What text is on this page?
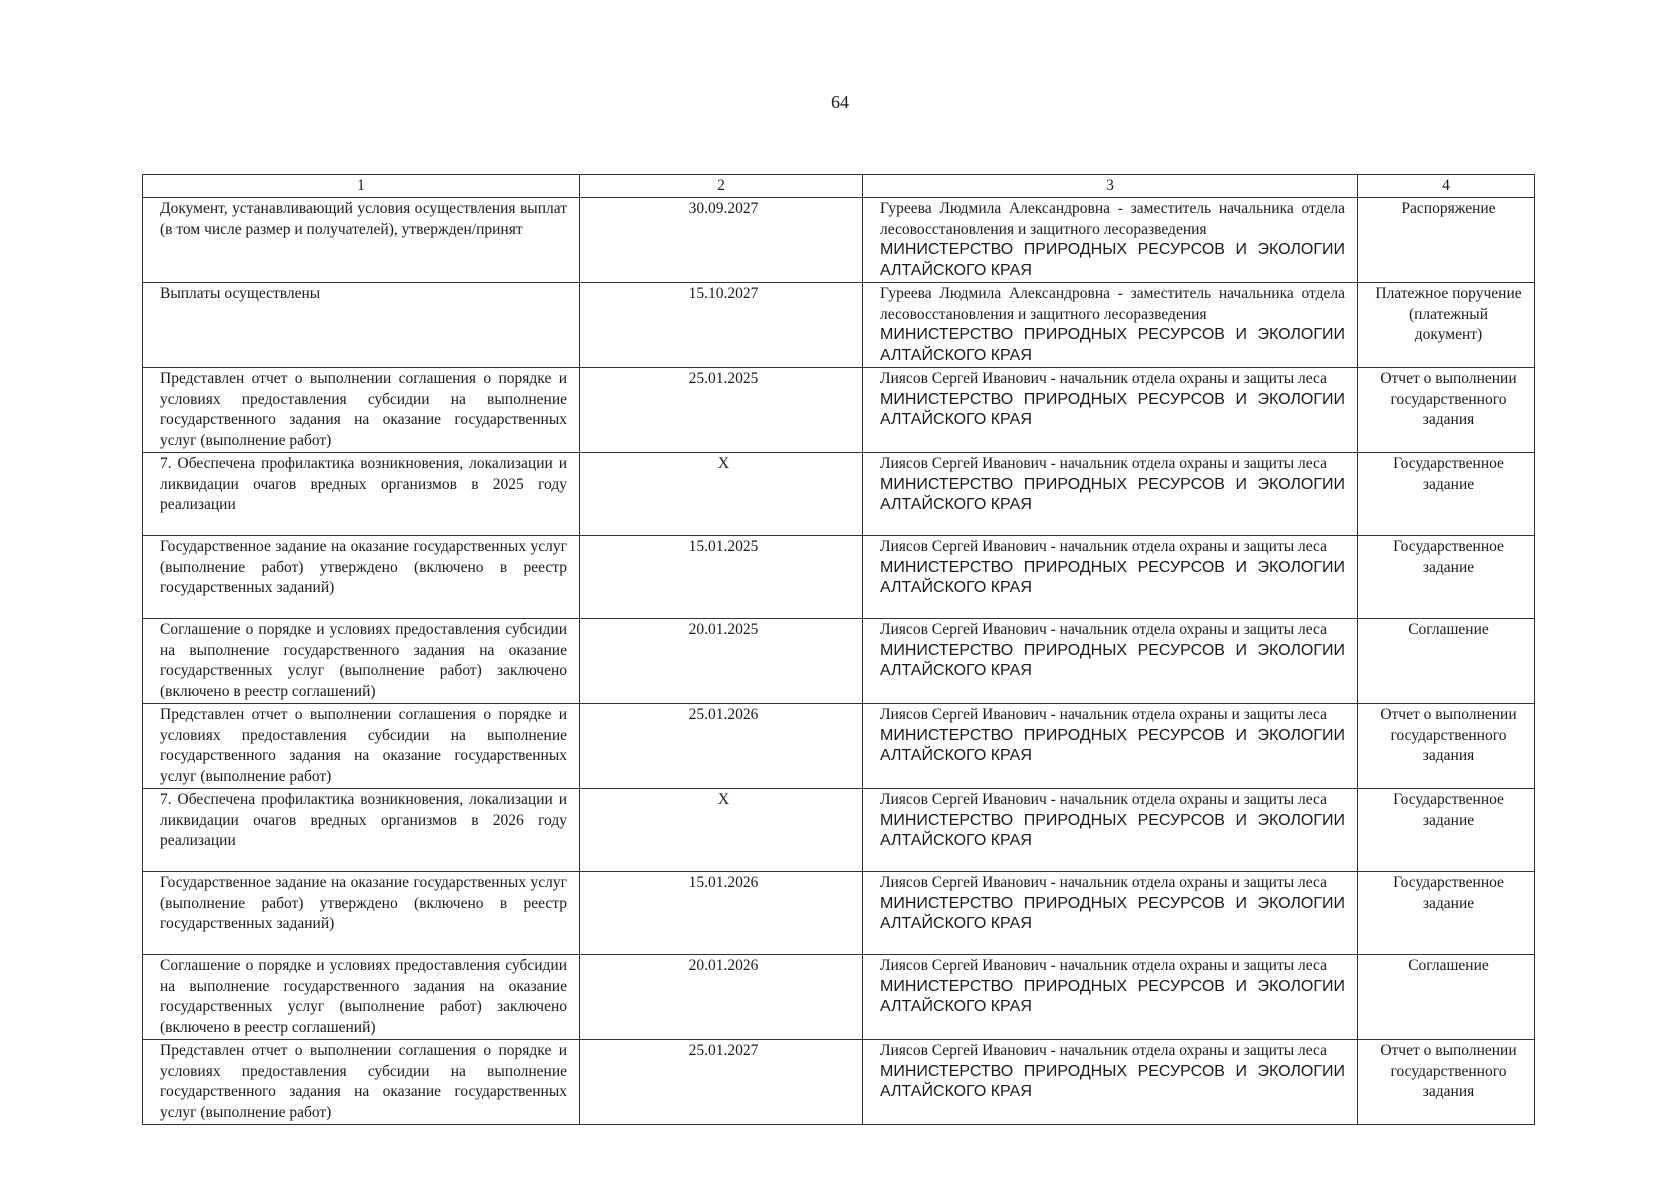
64
1	2	3	4
Документ, устанавливающий условия осуществления выплат (в том числе размер и получателей), утвержден/принят	30.09.2027	Гуреева Людмила Александровна - заместитель начальника отдела лесовосстановления и защитного лесоразведения
МИНИСТЕРСТВО ПРИРОДНЫХ РЕСУРСОВ И ЭКОЛОГИИ АЛТАЙСКОГО КРАЯ	Распоряжение
Выплаты осуществлены	15.10.2027	Гуреева Людмила Александровна - заместитель начальника отдела лесовосстановления и защитного лесоразведения
МИНИСТЕРСТВО ПРИРОДНЫХ РЕСУРСОВ И ЭКОЛОГИИ АЛТАЙСКОГО КРАЯ	Платежное поручение (платежный документ)
Представлен отчет о выполнении соглашения о порядке и условиях предоставления субсидии на выполнение государственного задания на оказание государственных услуг (выполнение работ)	25.01.2025	Лиясов Сергей Иванович - начальник отдела охраны и защиты леса
МИНИСТЕРСТВО ПРИРОДНЫХ РЕСУРСОВ И ЭКОЛОГИИ АЛТАЙСКОГО КРАЯ	Отчет о выполнении государственного задания
7. Обеспечена профилактика возникновения, локализации и ликвидации очагов вредных организмов в 2025 году реализации	X	Лиясов Сергей Иванович - начальник отдела охраны и защиты леса
МИНИСТЕРСТВО ПРИРОДНЫХ РЕСУРСОВ И ЭКОЛОГИИ АЛТАЙСКОГО КРАЯ	Государственное задание
Государственное задание на оказание государственных услуг (выполнение работ) утверждено (включено в реестр государственных заданий)	15.01.2025	Лиясов Сергей Иванович - начальник отдела охраны и защиты леса
МИНИСТЕРСТВО ПРИРОДНЫХ РЕСУРСОВ И ЭКОЛОГИИ АЛТАЙСКОГО КРАЯ	Государственное задание
Соглашение о порядке и условиях предоставления субсидии на выполнение государственного задания на оказание государственных услуг (выполнение работ) заключено (включено в реестр соглашений)	20.01.2025	Лиясов Сергей Иванович - начальник отдела охраны и защиты леса
МИНИСТЕРСТВО ПРИРОДНЫХ РЕСУРСОВ И ЭКОЛОГИИ АЛТАЙСКОГО КРАЯ	Соглашение
Представлен отчет о выполнении соглашения о порядке и условиях предоставления субсидии на выполнение государственного задания на оказание государственных услуг (выполнение работ)	25.01.2026	Лиясов Сергей Иванович - начальник отдела охраны и защиты леса
МИНИСТЕРСТВО ПРИРОДНЫХ РЕСУРСОВ И ЭКОЛОГИИ АЛТАЙСКОГО КРАЯ	Отчет о выполнении государственного задания
7. Обеспечена профилактика возникновения, локализации и ликвидации очагов вредных организмов в 2026 году реализации	X	Лиясов Сергей Иванович - начальник отдела охраны и защиты леса
МИНИСТЕРСТВО ПРИРОДНЫХ РЕСУРСОВ И ЭКОЛОГИИ АЛТАЙСКОГО КРАЯ	Государственное задание
Государственное задание на оказание государственных услуг (выполнение работ) утверждено (включено в реестр государственных заданий)	15.01.2026	Лиясов Сергей Иванович - начальник отдела охраны и защиты леса
МИНИСТЕРСТВО ПРИРОДНЫХ РЕСУРСОВ И ЭКОЛОГИИ АЛТАЙСКОГО КРАЯ	Государственное задание
Соглашение о порядке и условиях предоставления субсидии на выполнение государственного задания на оказание государственных услуг (выполнение работ) заключено (включено в реестр соглашений)	20.01.2026	Лиясов Сергей Иванович - начальник отдела охраны и защиты леса
МИНИСТЕРСТВО ПРИРОДНЫХ РЕСУРСОВ И ЭКОЛОГИИ АЛТАЙСКОГО КРАЯ	Соглашение
Представлен отчет о выполнении соглашения о порядке и условиях предоставления субсидии на выполнение государственного задания на оказание государственных услуг (выполнение работ)	25.01.2027	Лиясов Сергей Иванович - начальник отдела охраны и защиты леса
МИНИСТЕРСТВО ПРИРОДНЫХ РЕСУРСОВ И ЭКОЛОГИИ АЛТАЙСКОГО КРАЯ	Отчет о выполнении государственного задания
